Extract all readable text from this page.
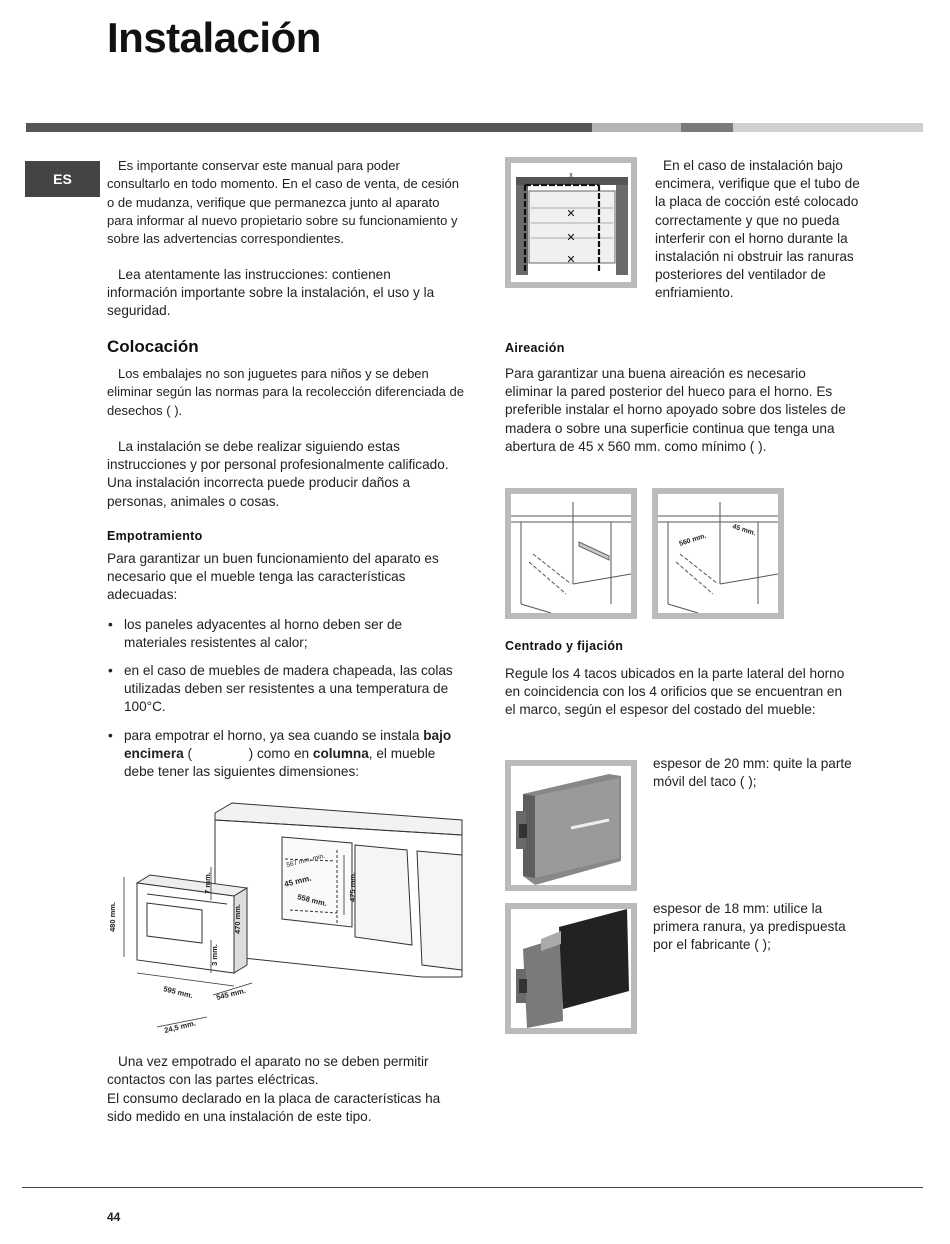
Instalación
ES
Es importante conservar este manual para poder consultarlo en todo momento. En el caso de venta, de cesión o de mudanza, verifique que permanezca junto al aparato para informar al nuevo propietario sobre su funcionamiento y sobre las advertencias correspondientes.
Lea atentamente las instrucciones: contienen información importante sobre la instalación, el uso y la seguridad.
Colocación
Los embalajes no son juguetes para niños y se deben eliminar según las normas para la recolección diferenciada de desechos ( ).
La instalación se debe realizar siguiendo estas instrucciones y por personal profesionalmente calificado. Una instalación incorrecta puede producir daños a personas, animales o cosas.
Empotramiento
Para garantizar un buen funcionamiento del aparato es necesario que el mueble tenga las características adecuadas:
• los paneles adyacentes al horno deben ser de materiales resistentes al calor;
• en el caso de muebles de madera chapeada, las colas utilizadas deben ser resistentes a una temperatura de 100°C.
• para empotrar el horno, ya sea cuando se instala bajo encimera (               ) como en columna, el mueble debe tener las siguientes dimensiones:
480 mm.
7 mm.
470 mm.
3 mm.
595 mm.	545 mm.
24,5 mm.
567 mm. min.
45 mm.
558 mm.	475 mm.
Una vez empotrado el aparato no se deben permitir contactos con las partes eléctricas.
El consumo declarado en la placa de características ha sido medido en una instalación de este tipo.
x
✕
✕
✕
En el caso de instalación bajo encimera, verifique que el tubo de la placa de cocción esté colocado correctamente y que no pueda interferir con el horno durante la instalación ni obstruir las ranuras posteriores del ventilador de enfriamiento.
Aireación
Para garantizar una buena aireación es necesario eliminar la pared posterior del hueco para el horno. Es preferible instalar el horno apoyado sobre dos listeles de madera o sobre una superficie continua que tenga una abertura de 45 x 560 mm. como mínimo ( ).
560 mm.
45 mm.
Centrado y fijación
Regule los 4 tacos ubicados en la parte lateral del horno en coincidencia con los 4 orificios que se encuentran en el marco, según el espesor del costado del mueble:
espesor de 20 mm: quite la parte móvil del taco ( );
espesor de 18 mm: utilice la primera ranura, ya predispuesta por el fabricante ( );
44
